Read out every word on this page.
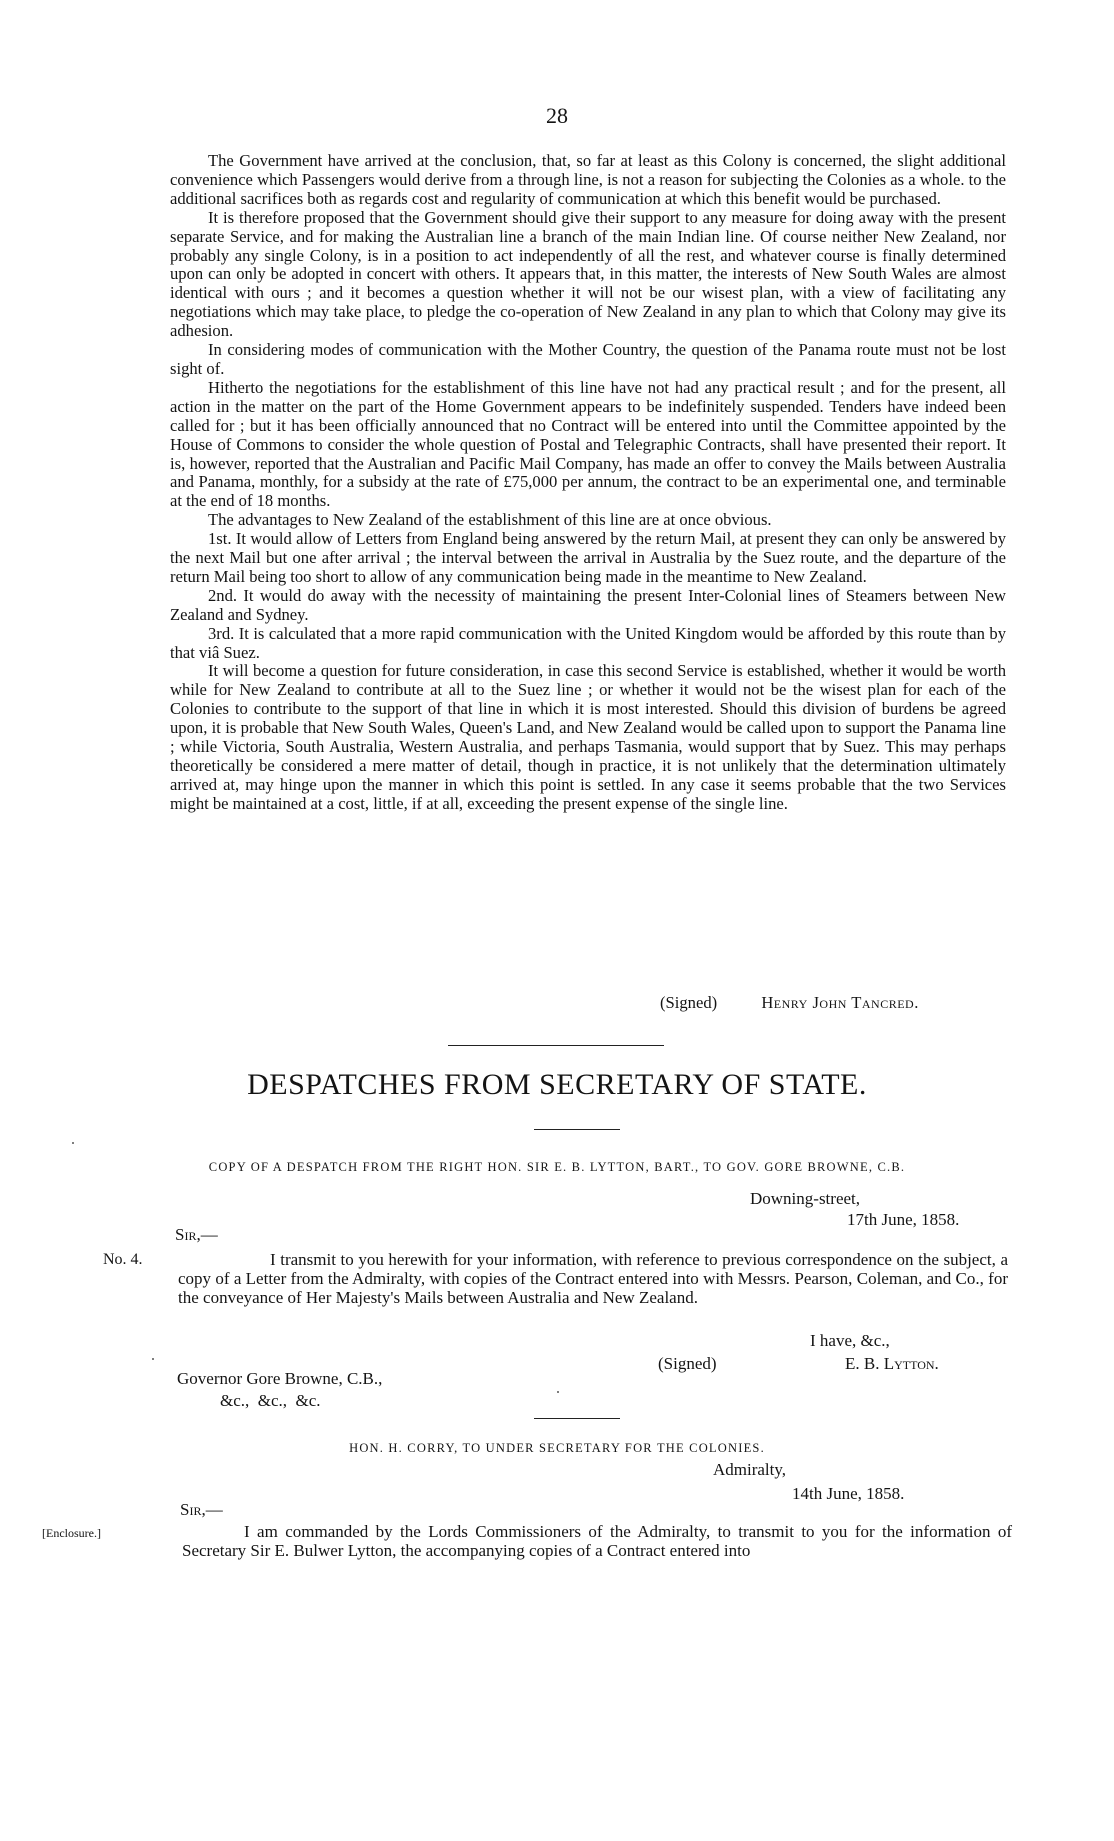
28

The Government have arrived at the conclusion, that, so far at least as this Colony is concerned, the slight additional convenience which Passengers would derive from a through line, is not a reason for subjecting the Colonies as a whole. to the additional sacrifices both as regards cost and regularity of communication at which this benefit would be purchased.

It is therefore proposed that the Government should give their support to any measure for doing away with the present separate Service, and for making the Australian line a branch of the main Indian line. Of course neither New Zealand, nor probably any single Colony, is in a position to act independently of all the rest, and whatever course is finally determined upon can only be adopted in concert with others. It appears that, in this matter, the interests of New South Wales are almost identical with ours ; and it becomes a question whether it will not be our wisest plan, with a view of facilitating any negotiations which may take place, to pledge the co-operation of New Zealand in any plan to which that Colony may give its adhesion.

In considering modes of communication with the Mother Country, the question of the Panama route must not be lost sight of.

Hitherto the negotiations for the establishment of this line have not had any practical result ; and for the present, all action in the matter on the part of the Home Government appears to be indefinitely suspended. Tenders have indeed been called for ; but it has been officially announced that no Contract will be entered into until the Committee appointed by the House of Commons to consider the whole question of Postal and Telegraphic Contracts, shall have presented their report. It is, however, reported that the Australian and Pacific Mail Company, has made an offer to convey the Mails between Australia and Panama, monthly, for a subsidy at the rate of £75,000 per annum, the contract to be an experimental one, and terminable at the end of 18 months.

The advantages to New Zealand of the establishment of this line are at once obvious.

1st. It would allow of Letters from England being answered by the return Mail, at present they can only be answered by the next Mail but one after arrival ; the interval between the arrival in Australia by the Suez route, and the departure of the return Mail being too short to allow of any communication being made in the meantime to New Zealand.

2nd. It would do away with the necessity of maintaining the present Inter-Colonial lines of Steamers between New Zealand and Sydney.

3rd. It is calculated that a more rapid communication with the United Kingdom would be afforded by this route than by that viâ Suez.

It will become a question for future consideration, in case this second Service is established, whether it would be worth while for New Zealand to contribute at all to the Suez line ; or whether it would not be the wisest plan for each of the Colonies to contribute to the support of that line in which it is most interested. Should this division of burdens be agreed upon, it is probable that New South Wales, Queen's Land, and New Zealand would be called upon to support the Panama line ; while Victoria, South Australia, Western Australia, and perhaps Tasmania, would support that by Suez. This may perhaps theoretically be considered a mere matter of detail, though in practice, it is not unlikely that the determination ultimately arrived at, may hinge upon the manner in which this point is settled. In any case it seems probable that the two Services might be maintained at a cost, little, if at all, exceeding the present expense of the single line.

(Signed)	Henry John Tancred.
DESPATCHES FROM SECRETARY OF STATE.
COPY OF A DESPATCH FROM THE RIGHT HON. SIR E. B. LYTTON, BART., TO GOV. GORE BROWNE, C.B.
Downing-street,
17th June, 1858.
Sir,—
No. 4.	I transmit to you herewith for your information, with reference to previous correspondence on the subject, a copy of a Letter from the Admiralty, with copies of the Contract entered into with Messrs. Pearson, Coleman, and Co., for the conveyance of Her Majesty's Mails between Australia and New Zealand.

I have, &c.,
(Signed)	E. B. Lytton.
Governor Gore Browne, C.B.,
&c.,  &c.,  &c.
HON. H. CORRY, TO UNDER SECRETARY FOR THE COLONIES.
Admiralty,
14th June, 1858.
Sir,—
[Enclosure.]	I am commanded by the Lords Commissioners of the Admiralty, to transmit to you for the information of Secretary Sir E. Bulwer Lytton, the accompanying copies of a Contract entered into
